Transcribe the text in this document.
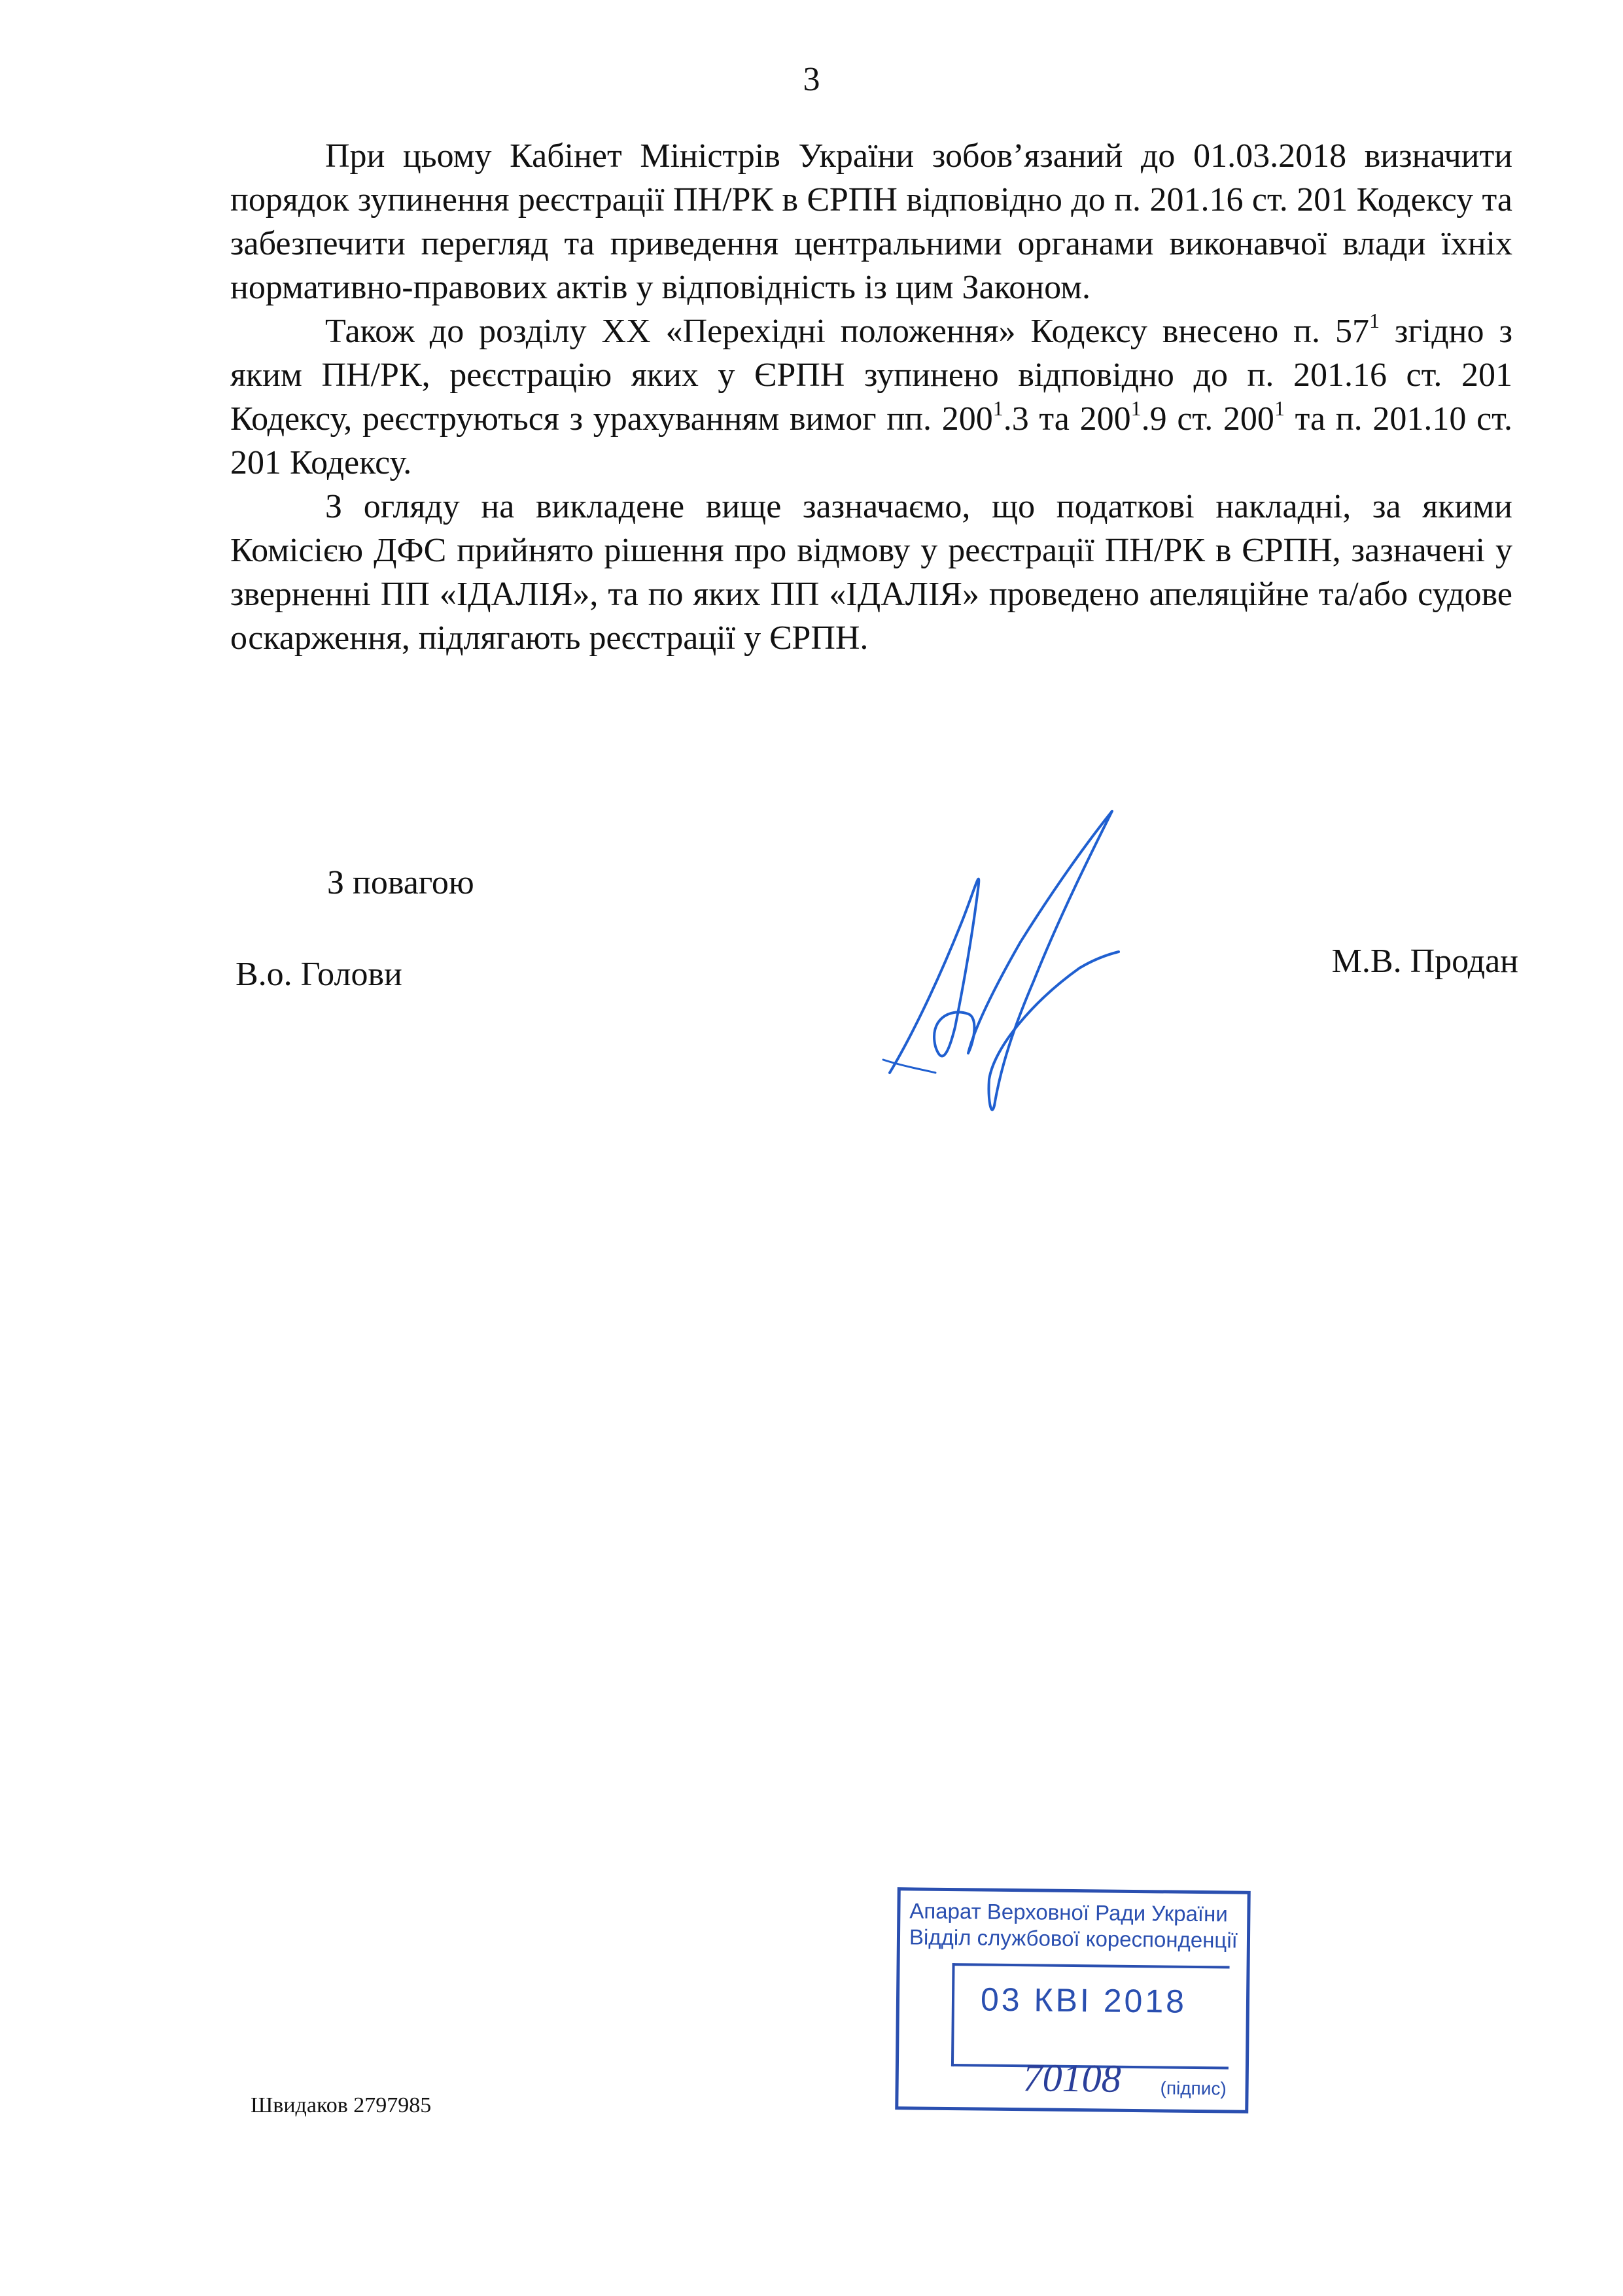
3

При цьому Кабінет Міністрів України зобов’язаний до 01.03.2018 визначити порядок зупинення реєстрації ПН/РК в ЄРПН відповідно до п. 201.16 ст. 201 Кодексу та забезпечити перегляд та приведення центральними органами виконавчої влади їхніх нормативно-правових актів у відповідність із цим Законом.

Також до розділу XX «Перехідні положення» Кодексу внесено п. $57^1$ згідно з яким ПН/РК, реєстрацію яких у ЄРПН зупинено відповідно до п. 201.16 ст. 201 Кодексу, реєструються з урахуванням вимог пп. $200^1.3$ та $200^1.9$ ст. $200^1$ та п. 201.10 ст. 201 Кодексу.

З огляду на викладене вище зазначаємо, що податкові накладні, за якими Комісією ДФС прийнято рішення про відмову у реєстрації ПН/РК в ЄРПН, зазначені у зверненні ПП «ІДАЛІЯ», та по яких ПП «ІДАЛІЯ» проведено апеляційне та/або судове оскарження, підлягають реєстрації у ЄРПН.

З повагою
В.о. Голови	М.В. Продан
Апарат Верховної Ради України
Відділ службової кореспонденції
03 КВІ 2018
70108 (підпис)
Швидаков 2797985
